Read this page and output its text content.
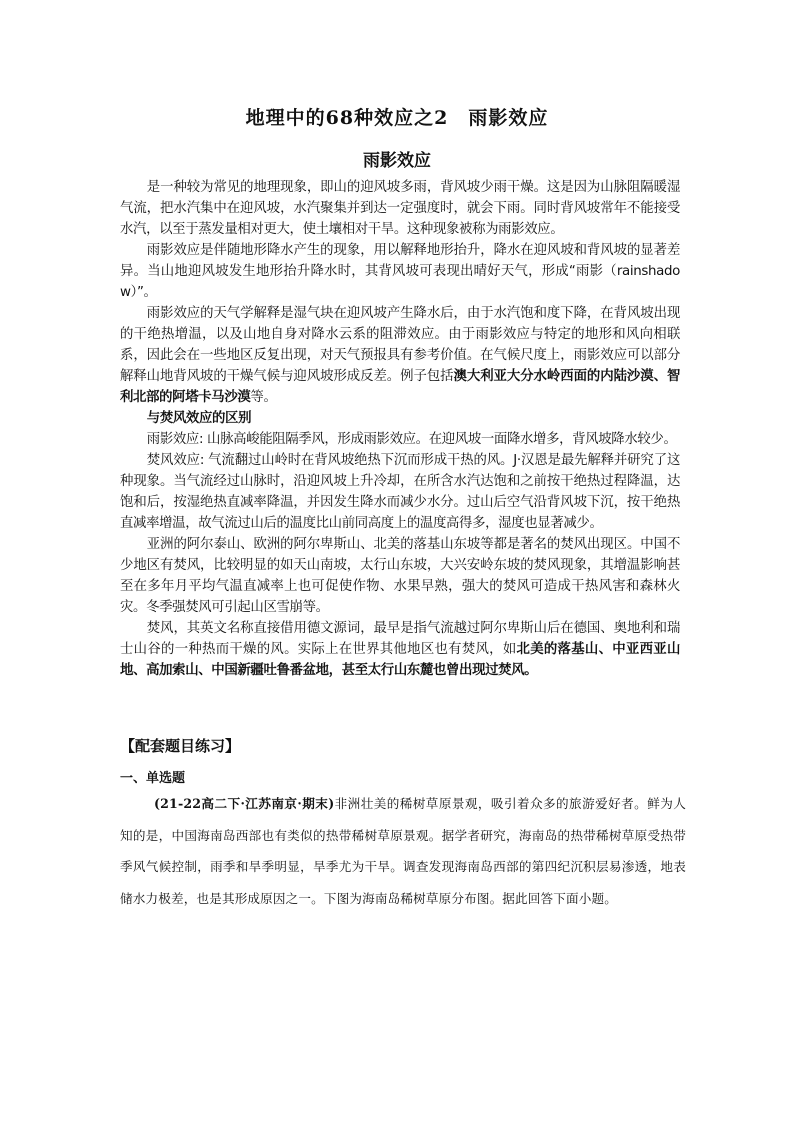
地理中的68种效应之2　雨影效应
雨影效应

是一种较为常见的地理现象，即山的迎风坡多雨，背风坡少雨干燥。这是因为山脉阻隔暖湿气流，把水汽集中在迎风坡，水汽聚集并到达一定强度时，就会下雨。同时背风坡常年不能接受水汽，以至于蒸发量相对更大，使土壤相对干旱。这种现象被称为雨影效应。

雨影效应是伴随地形降水产生的现象，用以解释地形抬升，降水在迎风坡和背风坡的显著差异。当山地迎风坡发生地形抬升降水时，其背风坡可表现出晴好天气，形成“雨影（rainshadow）”。

雨影效应的天气学解释是湿气块在迎风坡产生降水后，由于水汽饱和度下降，在背风坡出现的干绝热增温，以及山地自身对降水云系的阻滞效应。由于雨影效应与特定的地形和风向相联系，因此会在一些地区反复出现，对天气预报具有参考价值。在气候尺度上，雨影效应可以部分解释山地背风坡的干燥气候与迎风坡形成反差。例子包括澳大利亚大分水岭西面的内陆沙漠、智利北部的阿塔卡马沙漠等。

与焚风效应的区别

雨影效应: 山脉高峻能阻隔季风，形成雨影效应。在迎风坡一面降水增多，背风坡降水较少。

焚风效应: 气流翻过山岭时在背风坡绝热下沉而形成干热的风。J·汉恩是最先解释并研究了这种现象。当气流经过山脉时，沿迎风坡上升冷却，在所含水汽达饱和之前按干绝热过程降温，达饱和后，按湿绝热直减率降温，并因发生降水而减少水分。过山后空气沿背风坡下沉，按干绝热直减率增温，故气流过山后的温度比山前同高度上的温度高得多，湿度也显著减少。

亚洲的阿尔泰山、欧洲的阿尔卑斯山、北美的落基山东坡等都是著名的焚风出现区。中国不少地区有焚风，比较明显的如天山南坡，太行山东坡，大兴安岭东坡的焚风现象，其增温影响甚至在多年月平均气温直减率上也可促使作物、水果早熟，强大的焚风可造成干热风害和森林火灾。冬季强焚风可引起山区雪崩等。

焚风，其英文名称直接借用德文源词，最早是指气流越过阿尔卑斯山后在德国、奥地利和瑞士山谷的一种热而干燥的风。实际上在世界其他地区也有焚风，如北美的落基山、中亚西亚山地、高加索山、中国新疆吐鲁番盆地，甚至太行山东麓也曾出现过焚风。

【配套题目练习】
一、单选题

(21-22高二下·江苏南京·期末)非洲壮美的稀树草原景观，吸引着众多的旅游爱好者。鲜为人知的是，中国海南岛西部也有类似的热带稀树草原景观。据学者研究，海南岛的热带稀树草原受热带季风气候控制，雨季和旱季明显，旱季尤为干旱。调查发现海南岛西部的第四纪沉积层易渗透，地表储水力极差，也是其形成原因之一。下图为海南岛稀树草原分布图。据此回答下面小题。
